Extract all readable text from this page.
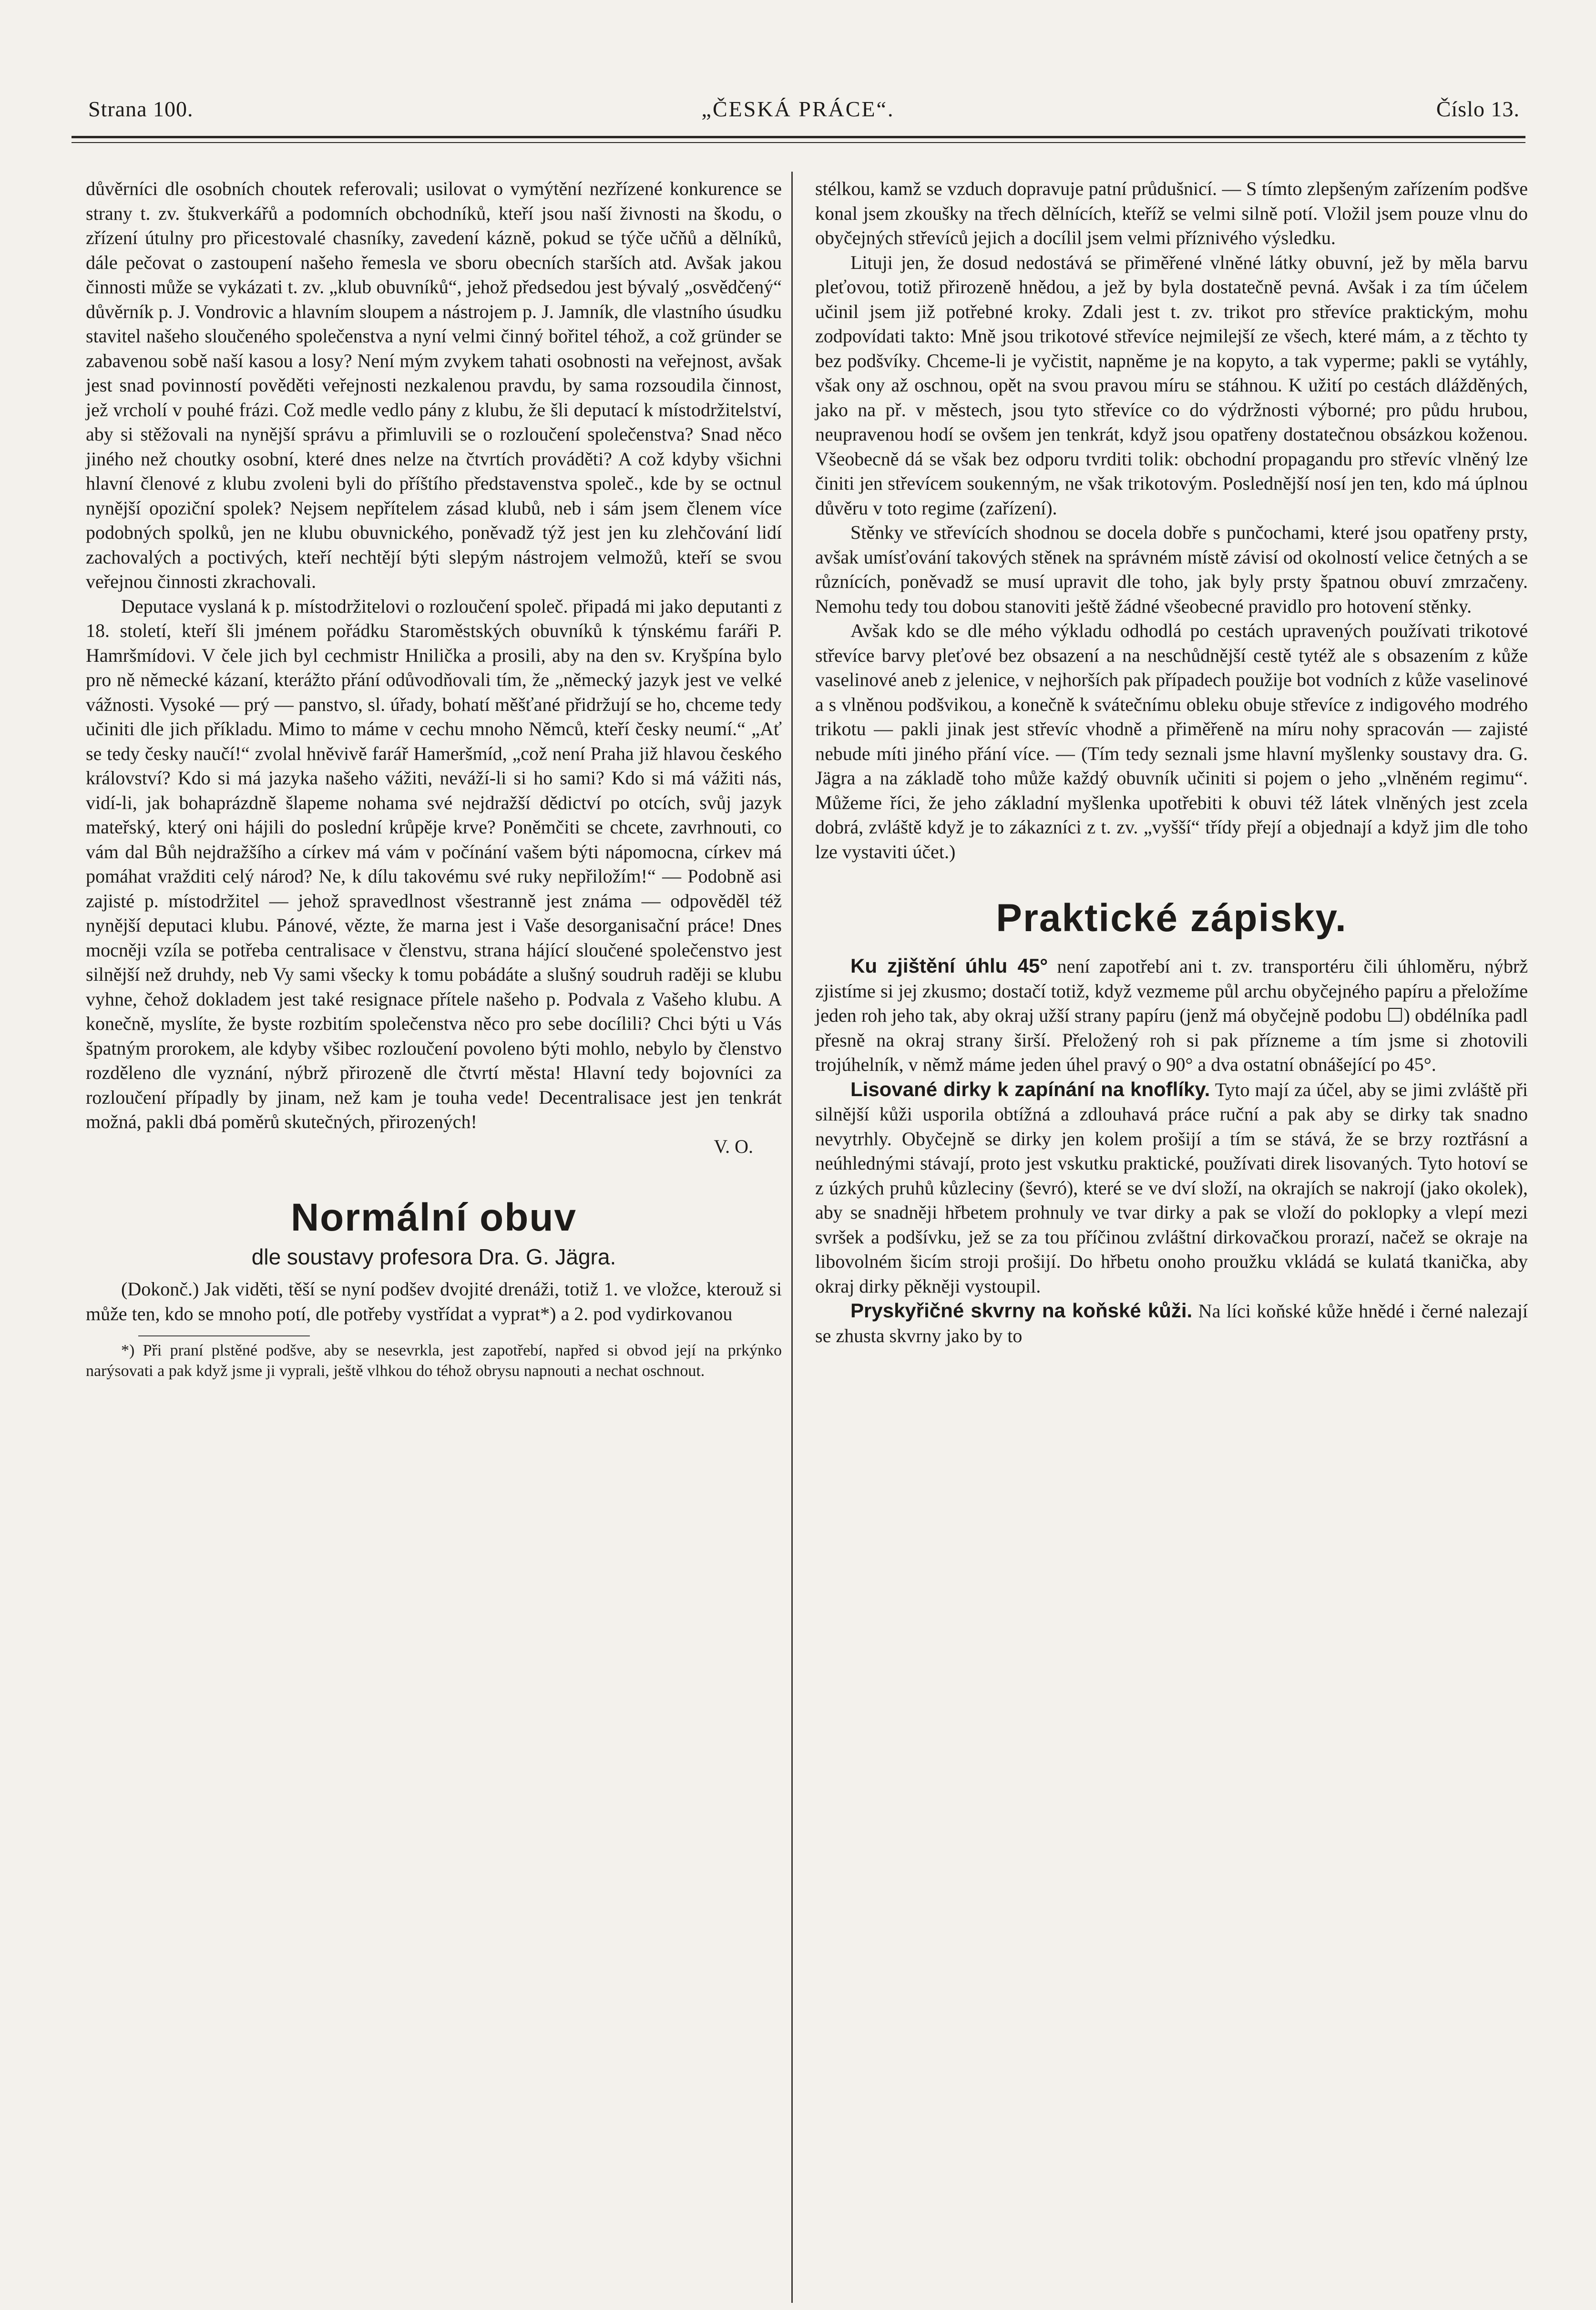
Strana 100.	„ČESKÁ PRÁCE“.	Číslo 13.

důvěrníci dle osobních choutek referovali; usilovat o vymýtění nezřízené konkurence se strany t. zv. štukverkářů a podomních obchodníků, kteří jsou naší živnosti na škodu, o zřízení útulny pro přicestovalé chasníky, zavedení kázně, pokud se týče učňů a dělníků, dále pečovat o zastoupení našeho řemesla ve sboru obecních starších atd. Avšak jakou činnosti může se vykázati t. zv. „klub obuvníků“, jehož předsedou jest bývalý „osvědčený“ důvěrník p. J. Vondrovic a hlavním sloupem a nástrojem p. J. Jamník, dle vlastního úsudku stavitel našeho sloučeného společenstva a nyní velmi činný bořitel téhož, a což gründer se zabavenou sobě naší kasou a losy? Není mým zvykem tahati osobnosti na veřejnost, avšak jest snad povinností pověděti veřejnosti nezkalenou pravdu, by sama rozsoudila činnost, jež vrcholí v pouhé frázi. Což medle vedlo pány z klubu, že šli deputací k místodržitelství, aby si stěžovali na nynější správu a přimluvili se o rozloučení společenstva? Snad něco jiného než choutky osobní, které dnes nelze na čtvrtích prováděti? A což kdyby všichni hlavní členové z klubu zvoleni byli do příštího představenstva společ., kde by se octnul nynější opoziční spolek? Nejsem nepřítelem zásad klubů, neb i sám jsem členem více podobných spolků, jen ne klubu obuvnického, poněvadž týž jest jen ku zlehčování lidí zachovalých a poctivých, kteří nechtějí býti slepým nástrojem velmožů, kteří se svou veřejnou činnosti zkrachovali.

Deputace vyslaná k p. místodržitelovi o rozloučení společ. připadá mi jako deputanti z 18. století, kteří šli jménem pořádku Staroměstských obuvníků k týnskému faráři P. Hamršmídovi. V čele jich byl cechmistr Hnilička a prosili, aby na den sv. Kryšpína bylo pro ně německé kázaní, kterážto přání odůvodňovali tím, že „německý jazyk jest ve velké vážnosti. Vysoké — prý — panstvo, sl. úřady, bohatí měšťané přidržují se ho, chceme tedy učiniti dle jich příkladu. Mimo to máme v cechu mnoho Němců, kteří česky neumí.“ „Ať se tedy česky naučí!“ zvolal hněvivě farář Hameršmíd, „což není Praha již hlavou českého království? Kdo si má jazyka našeho vážiti, neváží-li si ho sami? Kdo si má vážiti nás, vidí-li, jak bohaprázdně šlapeme nohama své nejdražší dědictví po otcích, svůj jazyk mateřský, který oni hájili do poslední krůpěje krve? Poněmčiti se chcete, zavrhnouti, co vám dal Bůh nejdražšího a církev má vám v počínání vašem býti nápomocna, církev má pomáhat vražditi celý národ? Ne, k dílu takovému své ruky nepřiložím!“ — Podobně asi zajisté p. místodržitel — jehož spravedlnost všestranně jest známa — odpověděl též nynější deputaci klubu. Pánové, vězte, že marna jest i Vaše desorganisační práce! Dnes mocněji vzíla se potřeba centralisace v členstvu, strana hájící sloučené společenstvo jest silnější než druhdy, neb Vy sami všecky k tomu pobádáte a slušný soudruh raději se klubu vyhne, čehož dokladem jest také resignace přítele našeho p. Podvala z Vašeho klubu. A konečně, myslíte, že byste rozbitím společenstva něco pro sebe docílili? Chci býti u Vás špatným prorokem, ale kdyby všibec rozloučení povoleno býti mohlo, nebylo by členstvo rozděleno dle vyznání, nýbrž přirozeně dle čtvrtí města! Hlavní tedy bojovníci za rozloučení případly by jinam, než kam je touha vede! Decentralisace jest jen tenkrát možná, pakli dbá poměrů skutečných, přirozených!

V. O.

Normální obuv
dle soustavy profesora Dra. G. Jägra.

(Dokonč.) Jak viděti, těší se nyní podšev dvojité drenáži, totiž 1. ve vložce, kterouž si může ten, kdo se mnoho potí, dle potřeby vystřídat a vyprat*) a 2. pod vydirkovanou

*) Při praní plstěné podšve, aby se nesevrkla, jest zapotřebí, napřed si obvod její na prkýnko narýsovati a pak když jsme ji vyprali, ještě vlhkou do téhož obrysu napnouti a nechat oschnout.

stélkou, kamž se vzduch dopravuje patní průdušnicí. — S tímto zlepšeným zařízením podšve konal jsem zkoušky na třech dělnících, kteříž se velmi silně potí. Vložil jsem pouze vlnu do obyčejných střevíců jejich a docílil jsem velmi příznivého výsledku.

Lituji jen, že dosud nedostává se přiměřené vlněné látky obuvní, jež by měla barvu pleťovou, totiž přirozeně hnědou, a jež by byla dostatečně pevná. Avšak i za tím účelem učinil jsem již potřebné kroky. Zdali jest t. zv. trikot pro střevíce praktickým, mohu zodpovídati takto: Mně jsou trikotové střevíce nejmilejší ze všech, které mám, a z těchto ty bez podšvíky. Chceme-li je vyčistit, napněme je na kopyto, a tak vyperme; pakli se vytáhly, však ony až oschnou, opět na svou pravou míru se stáhnou. K užití po cestách dlážděných, jako na př. v městech, jsou tyto střevíce co do výdržnosti výborné; pro půdu hrubou, neupravenou hodí se ovšem jen tenkrát, když jsou opatřeny dostatečnou obsázkou koženou. Všeobecně dá se však bez odporu tvrditi tolik: obchodní propagandu pro střevíc vlněný lze činiti jen střevícem soukenným, ne však trikotovým. Poslednější nosí jen ten, kdo má úplnou důvěru v toto regime (zařízení).

Stěnky ve střevících shodnou se docela dobře s punčochami, které jsou opatřeny prsty, avšak umísťování takových stěnek na správném místě závisí od okolností velice četných a se různících, poněvadž se musí upravit dle toho, jak byly prsty špatnou obuví zmrzačeny. Nemohu tedy tou dobou stanoviti ještě žádné všeobecné pravidlo pro hotovení stěnky.

Avšak kdo se dle mého výkladu odhodlá po cestách upravených používati trikotové střevíce barvy pleťové bez obsazení a na neschůdnější cestě tytéž ale s obsazením z kůže vaselinové aneb z jelenice, v nejhorších pak případech použije bot vodních z kůže vaselinové a s vlněnou podšvikou, a konečně k svátečnímu obleku obuje střevíce z indigového modrého trikotu — pakli jinak jest střevíc vhodně a přiměřeně na míru nohy spracován — zajisté nebude míti jiného přání více. — (Tím tedy seznali jsme hlavní myšlenky soustavy dra. G. Jägra a na základě toho může každý obuvník učiniti si pojem o jeho „vlněném regimu“. Můžeme říci, že jeho základní myšlenka upotřebiti k obuvi též látek vlněných jest zcela dobrá, zvláště když je to zákazníci z t. zv. „vyšší“ třídy přejí a objednají a když jim dle toho lze vystaviti účet.)

Praktické zápisky.

Ku zjištění úhlu 45° není zapotřebí ani t. zv. transportéru čili úhloměru, nýbrž zjistíme si jej zkusmo; dostačí totiž, když vezmeme půl archu obyčejného papíru a přeložíme jeden roh jeho tak, aby okraj užší strany papíru (jenž má obyčejně podobu ☐) obdélníka padl přesně na okraj strany širší. Přeložený roh si pak přízneme a tím jsme si zhotovili trojúhelník, v němž máme jeden úhel pravý o 90° a dva ostatní obnášející po 45°.

Lisované dirky k zapínání na knoflíky. Tyto mají za účel, aby se jimi zvláště při silnější kůži usporila obtížná a zdlouhavá práce ruční a pak aby se dirky tak snadno nevytrhly. Obyčejně se dirky jen kolem prošijí a tím se stává, že se brzy roztřásní a neúhlednými stávají, proto jest vskutku praktické, používati direk lisovaných. Tyto hotoví se z úzkých pruhů kůzleciny (ševró), které se ve dví složí, na okrajích se nakrojí (jako okolek), aby se snadněji hřbetem prohnuly ve tvar dirky a pak se vloží do poklopky a vlepí mezi svršek a podšívku, jež se za tou příčinou zvláštní dirkovačkou prorazí, načež se okraje na libovolném šicím stroji prošijí. Do hřbetu onoho proužku vkládá se kulatá tkanička, aby okraj dirky pěkněji vystoupil.

Pryskyřičné skvrny na koňské kůži. Na líci koňské kůže hnědé i černé nalezají se zhusta skvrny jako by to
